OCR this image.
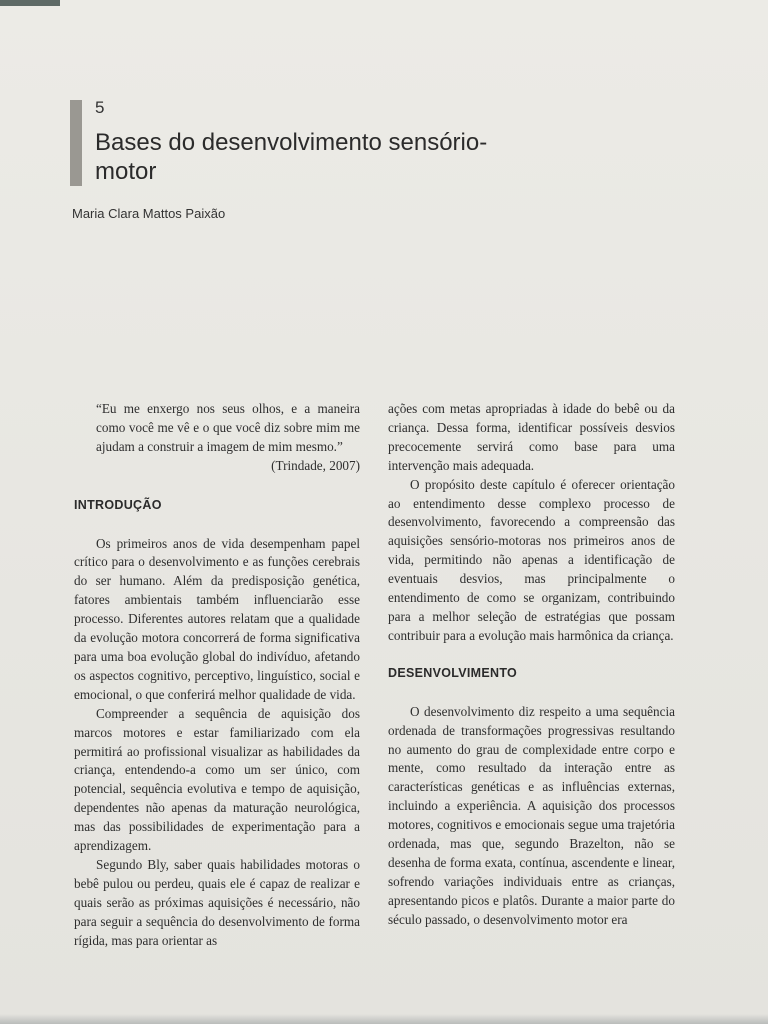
5
Bases do desenvolvimento sensório-motor
Maria Clara Mattos Paixão
“Eu me enxergo nos seus olhos, e a maneira como você me vê e o que você diz sobre mim me ajudam a construir a imagem de mim mesmo.”
(Trindade, 2007)
INTRODUÇÃO

Os primeiros anos de vida desempenham papel crítico para o desenvolvimento e as funções cerebrais do ser humano. Além da predisposição genética, fatores ambientais também influenciarão esse processo. Diferentes autores relatam que a qualidade da evolução motora concorrerá de forma significativa para uma boa evolução global do indivíduo, afetando os aspectos cognitivo, perceptivo, linguístico, social e emocional, o que conferirá melhor qualidade de vida.

Compreender a sequência de aquisição dos marcos motores e estar familiarizado com ela permitirá ao profissional visualizar as habilidades da criança, entendendo-a como um ser único, com potencial, sequência evolutiva e tempo de aquisição, dependentes não apenas da maturação neurológica, mas das possibilidades de experimentação para a aprendizagem.

Segundo Bly, saber quais habilidades motoras o bebê pulou ou perdeu, quais ele é capaz de realizar e quais serão as próximas aquisições é necessário, não para seguir a sequência do desenvolvimento de forma rígida, mas para orientar as

ações com metas apropriadas à idade do bebê ou da criança. Dessa forma, identificar possíveis desvios precocemente servirá como base para uma intervenção mais adequada.

O propósito deste capítulo é oferecer orientação ao entendimento desse complexo processo de desenvolvimento, favorecendo a compreensão das aquisições sensório-motoras nos primeiros anos de vida, permitindo não apenas a identificação de eventuais desvios, mas principalmente o entendimento de como se organizam, contribuindo para a melhor seleção de estratégias que possam contribuir para a evolução mais harmônica da criança.

DESENVOLVIMENTO

O desenvolvimento diz respeito a uma sequência ordenada de transformações progressivas resultando no aumento do grau de complexidade entre corpo e mente, como resultado da interação entre as características genéticas e as influências externas, incluindo a experiência. A aquisição dos processos motores, cognitivos e emocionais segue uma trajetória ordenada, mas que, segundo Brazelton, não se desenha de forma exata, contínua, ascendente e linear, sofrendo variações individuais entre as crianças, apresentando picos e platôs. Durante a maior parte do século passado, o desenvolvimento motor era
